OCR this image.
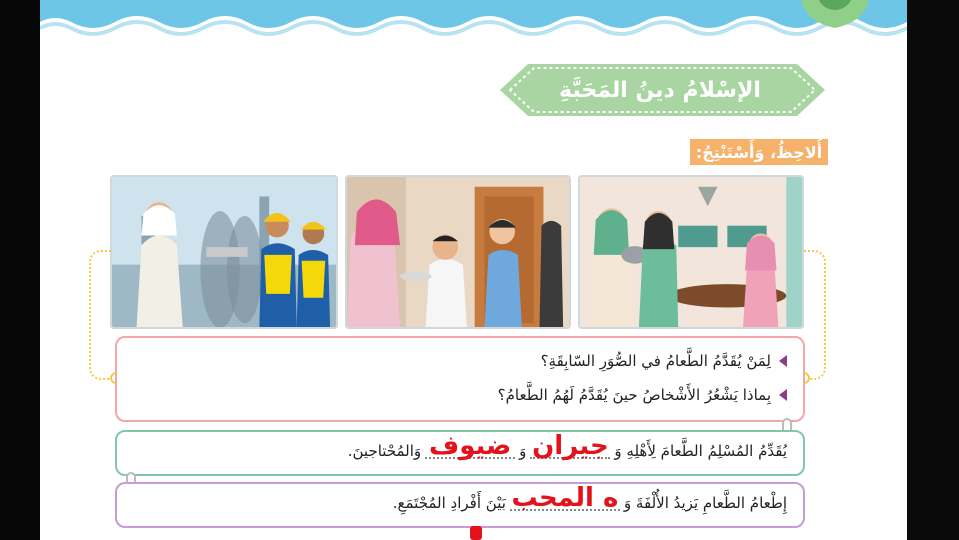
الإسْلامُ دينُ المَحَبَّةِ
أُلاحِظُ، وَأَسْتَنْتِجُ:
لِمَنْ يُقَدَّمُ الطَّعامُ في الصُّوَرِ السّابِقَةِ؟
بِماذا يَشْعُرُ الأَشْخاصُ حينَ يُقَدَّمُ لَهُمُ الطَّعامُ؟
يُقَدِّمُ المُسْلِمُ الطَّعامَ لِأَهْلِهِ وَ
جيران
وَ
ضيوف
وَالمُحْتاجينَ.
إِطْعامُ الطَّعامِ يَزيدُ الأُلْفَةَ وَ
ه المحب
بَيْنَ أَفْرادِ المُجْتَمَعِ.
